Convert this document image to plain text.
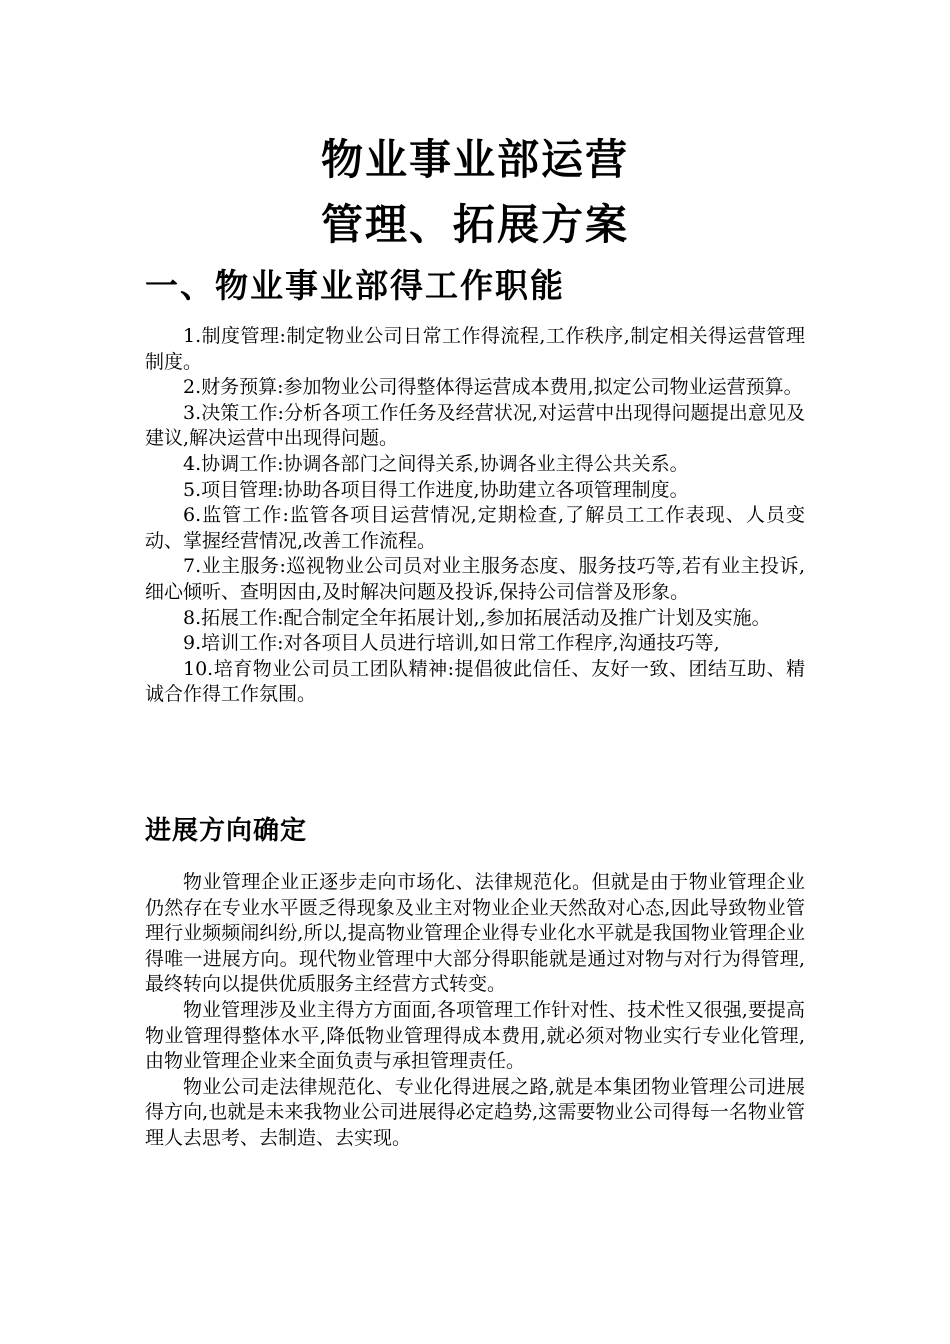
物业事业部运营
管理、拓展方案
一、物业事业部得工作职能

1.制度管理:制定物业公司日常工作得流程,工作秩序,制定相关得运营管理制度。

2.财务预算:参加物业公司得整体得运营成本费用,拟定公司物业运营预算。

3.决策工作:分析各项工作任务及经营状况,对运营中出现得问题提出意见及建议,解决运营中出现得问题。

4.协调工作:协调各部门之间得关系,协调各业主得公共关系。

5.项目管理:协助各项目得工作进度,协助建立各项管理制度。

6.监管工作:监管各项目运营情况,定期检查,了解员工工作表现、人员变动、掌握经营情况,改善工作流程。

7.业主服务:巡视物业公司员对业主服务态度、服务技巧等,若有业主投诉,细心倾听、查明因由,及时解决问题及投诉,保持公司信誉及形象。

8.拓展工作:配合制定全年拓展计划,,参加拓展活动及推广计划及实施。

9.培训工作:对各项目人员进行培训,如日常工作程序,沟通技巧等,

10.培育物业公司员工团队精神:提倡彼此信任、友好一致、团结互助、精诚合作得工作氛围。

进展方向确定

物业管理企业正逐步走向市场化、法律规范化。但就是由于物业管理企业仍然存在专业水平匮乏得现象及业主对物业企业天然敌对心态,因此导致物业管理行业频频闹纠纷,所以,提高物业管理企业得专业化水平就是我国物业管理企业得唯一进展方向。现代物业管理中大部分得职能就是通过对物与对行为得管理,最终转向以提供优质服务主经营方式转变。

物业管理涉及业主得方方面面,各项管理工作针对性、技术性又很强,要提高物业管理得整体水平,降低物业管理得成本费用,就必须对物业实行专业化管理,由物业管理企业来全面负责与承担管理责任。

物业公司走法律规范化、专业化得进展之路,就是本集团物业管理公司进展得方向,也就是未来我物业公司进展得必定趋势,这需要物业公司得每一名物业管理人去思考、去制造、去实现。
